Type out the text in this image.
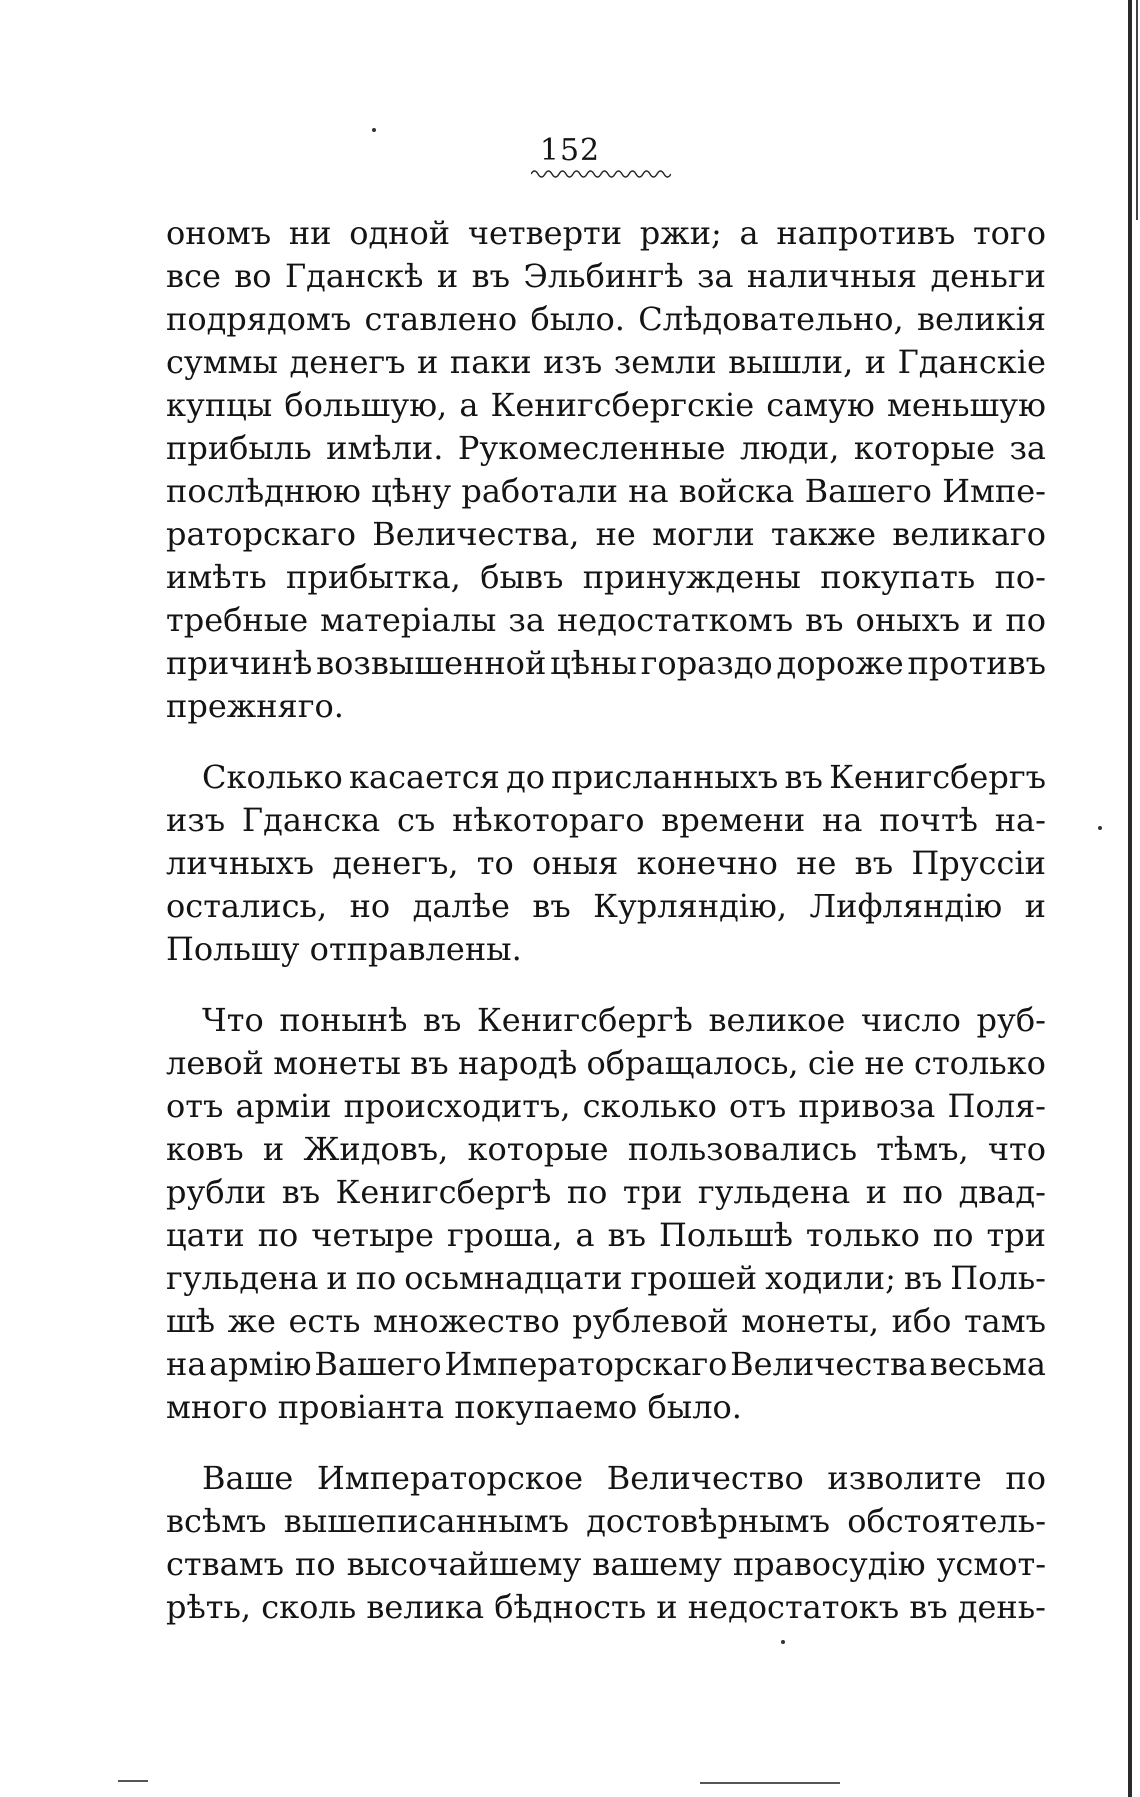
152
ономъ ни одной четверти ржи; а напротивъ того
все во Гданскѣ и въ Эльбингѣ за наличныя деньги
подрядомъ ставлено было. Слѣдовательно, великія
суммы денегъ и паки изъ земли вышли, и Гданскіе
купцы большую, а Кенигсбергскіе самую меньшую
прибыль имѣли. Рукомесленные люди, которые за
послѣднюю цѣну работали на войска Вашего Импе-
раторскаго Величества, не могли также великаго
имѣть прибытка, бывъ принуждены покупать по-
требные матеріалы за недостаткомъ въ оныхъ и по
причинѣ возвышенной цѣны гораздо дороже противъ
прежняго.
Сколько касается до присланныхъ въ Кенигсбергъ
изъ Гданска съ нѣкотораго времени на почтѣ на-
личныхъ денегъ, то оныя конечно не въ Пруссіи
остались, но далѣе въ Курляндію, Лифляндію и
Польшу отправлены.
Что понынѣ въ Кенигсбергѣ великое число руб-
левой монеты въ народѣ обращалось, сіе не столько
отъ арміи происходитъ, сколько отъ привоза Поля-
ковъ и Жидовъ, которые пользовались тѣмъ, что
рубли въ Кенигсбергѣ по три гульдена и по двад-
цати по четыре гроша, а въ Польшѣ только по три
гульдена и по осьмнадцати грошей ходили; въ Поль-
шѣ же есть множество рублевой монеты, ибо тамъ
на армію Вашего Императорскаго Величества весьма
много провіанта покупаемо было.
Ваше Императорское Величество изволите по
всѣмъ вышеписаннымъ достовѣрнымъ обстоятель-
ствамъ по высочайшему вашему правосудію усмот-
рѣть, сколь велика бѣдность и недостатокъ въ день-
